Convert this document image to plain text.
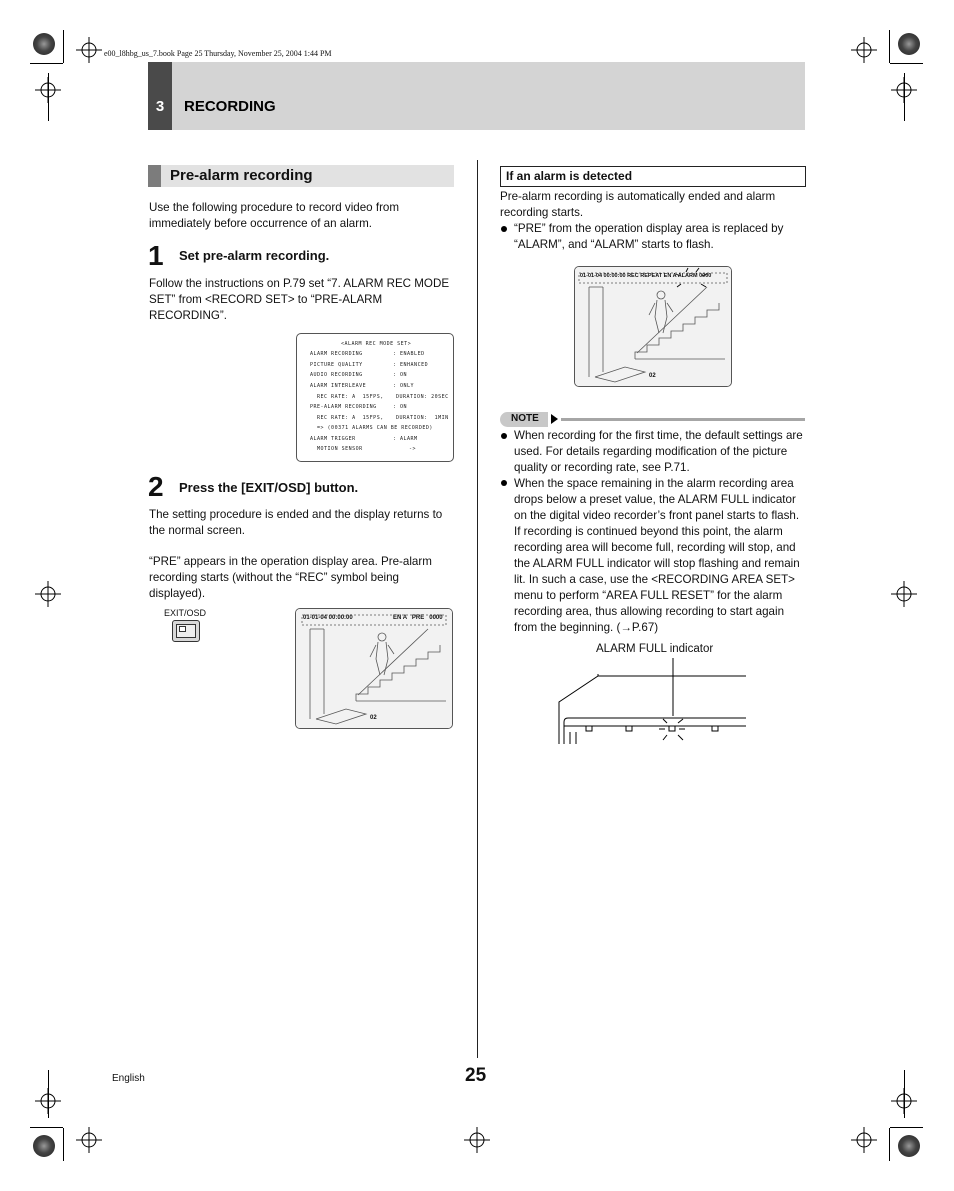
e00_l8hbg_us_7.book Page 25 Thursday, November 25, 2004 1:44 PM
3	RECORDING
Pre-alarm recording
Use the following procedure to record video from immediately before occurrence of an alarm.
1 Set pre-alarm recording.
Follow the instructions on P.79 set “7. ALARM REC MODE SET” from <RECORD SET> to “PRE-ALARM RECORDING”.
<ALARM REC MODE SET>
ALARM RECORDING	: ENABLED
PICTURE QUALITY	: ENHANCED
AUDIO RECORDING	: ON
ALARM INTERLEAVE	: ONLY
REC RATE: A  15FPS, DURATION: 20SEC
PRE-ALARM RECORDING	: ON
REC RATE: A  15FPS, DURATION:  1MIN
=> (00371 ALARMS CAN BE RECORDED)
ALARM TRIGGER	: ALARM
MOTION SENSOR	->
2 Press the [EXIT/OSD] button.
The setting procedure is ended and the display returns to the normal screen.
“PRE” appears in the operation display area. Pre-alarm recording starts (without the “REC” symbol being displayed).
EXIT/OSD	01-01-04 00:00:00	EN A   PRE   0000
02
If an alarm is detected
Pre-alarm recording is automatically ended and alarm recording starts.
“PRE” from the operation display area is replaced by “ALARM”, and “ALARM” starts to flash.
01-01-04 00:00:00 REC REPEAT EN A ALARM 0000
02
NOTE
When recording for the first time, the default settings are used. For details regarding modification of the picture quality or recording rate, see P.71.
When the space remaining in the alarm recording area drops below a preset value, the ALARM FULL indicator on the digital video recorder’s front panel starts to flash. If recording is continued beyond this point, the alarm recording area will become full, recording will stop, and the ALARM FULL indicator will stop flashing and remain lit. In such a case, use the <RECORDING AREA SET> menu to perform “AREA FULL RESET” for the alarm recording area, thus allowing recording to start again from the beginning. (→P.67)
ALARM FULL indicator
English	25
